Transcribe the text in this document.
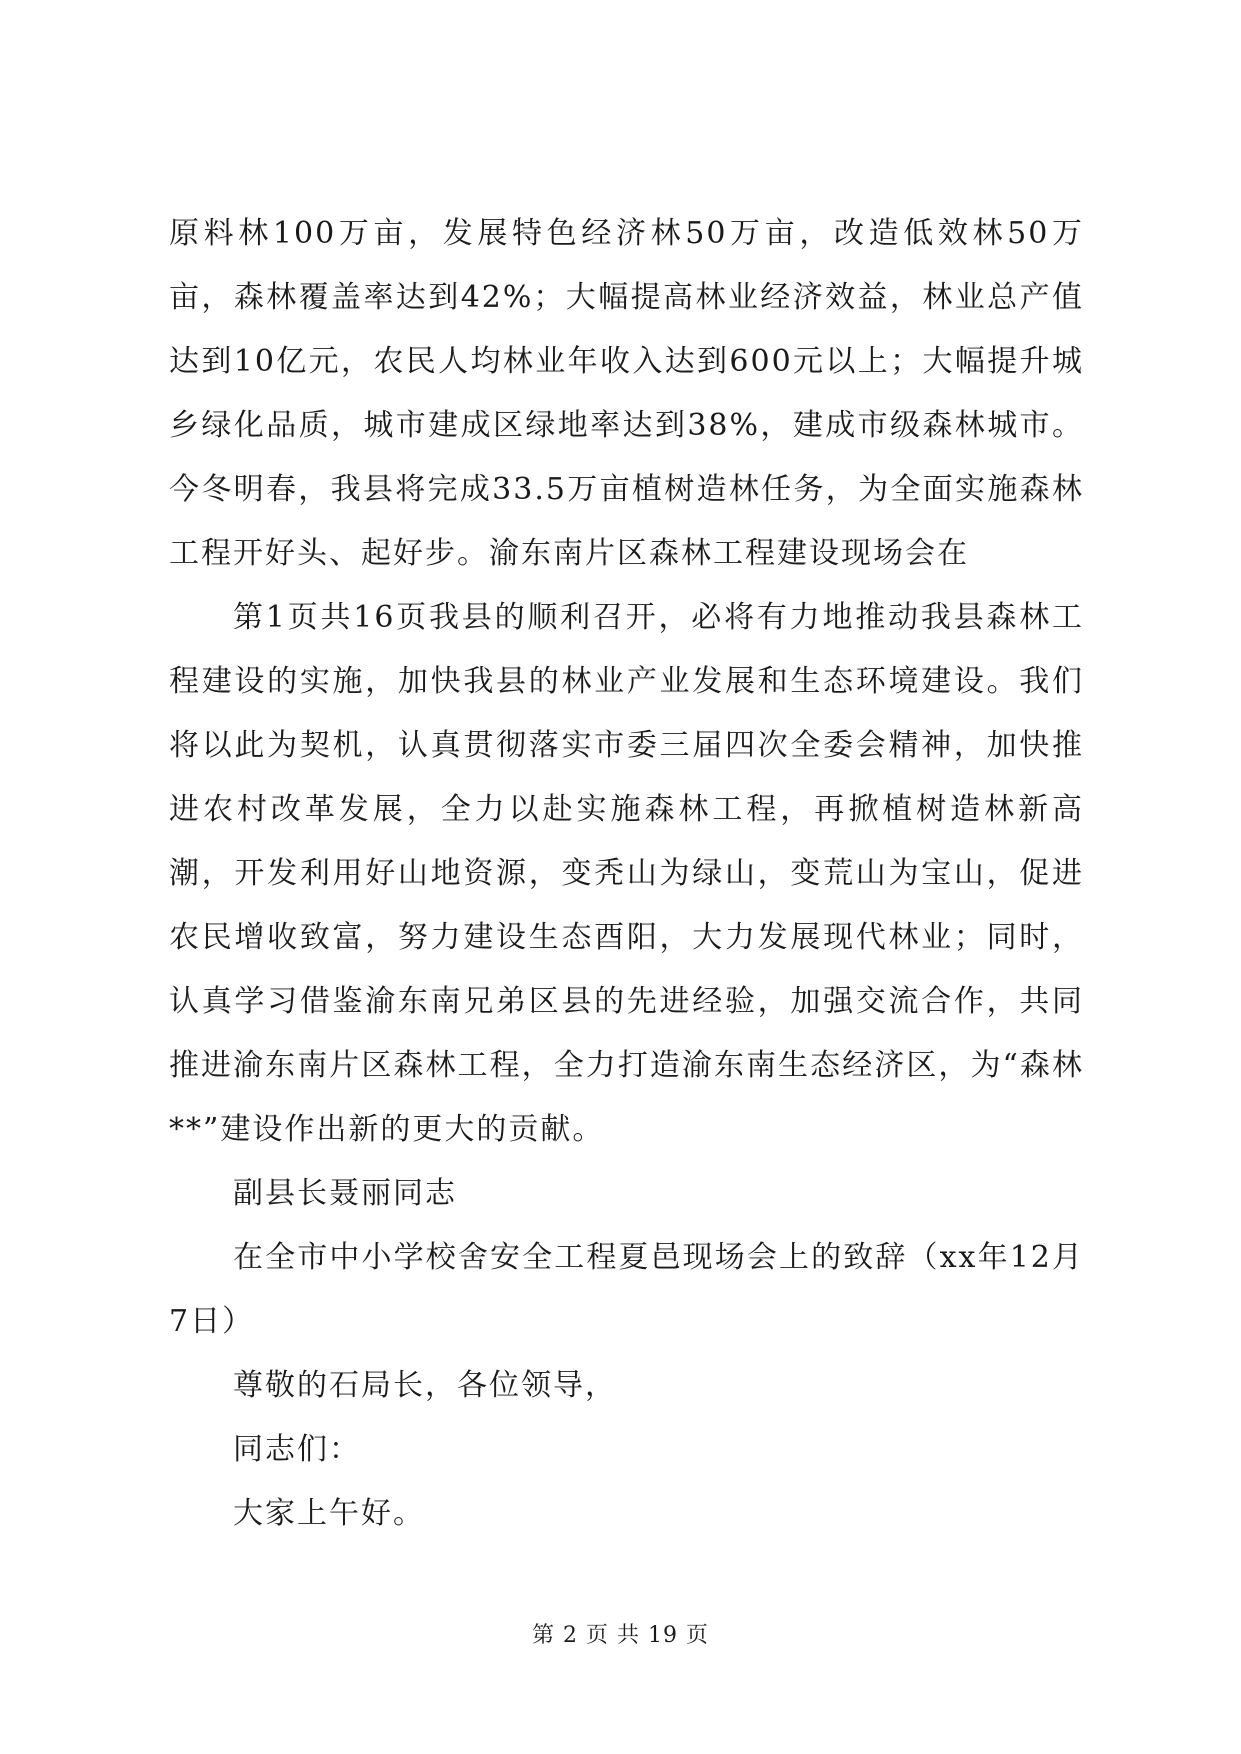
原料林100万亩，发展特色经济林50万亩，改造低效林50万亩，森林覆盖率达到42%；大幅提高林业经济效益，林业总产值达到10亿元，农民人均林业年收入达到600元以上；大幅提升城乡绿化品质，城市建成区绿地率达到38%，建成市级森林城市。今冬明春，我县将完成33.5万亩植树造林任务，为全面实施森林工程开好头、起好步。渝东南片区森林工程建设现场会在

第1页共16页我县的顺利召开，必将有力地推动我县森林工程建设的实施，加快我县的林业产业发展和生态环境建设。我们将以此为契机，认真贯彻落实市委三届四次全委会精神，加快推进农村改革发展，全力以赴实施森林工程，再掀植树造林新高潮，开发利用好山地资源，变秃山为绿山，变荒山为宝山，促进农民增收致富，努力建设生态酉阳，大力发展现代林业；同时，认真学习借鉴渝东南兄弟区县的先进经验，加强交流合作，共同推进渝东南片区森林工程，全力打造渝东南生态经济区，为“森林**”建设作出新的更大的贡献。

副县长聂丽同志

在全市中小学校舍安全工程夏邑现场会上的致辞（xx年12月7日）

尊敬的石局长，各位领导，

同志们：

大家上午好。

第 2 页 共 19 页
